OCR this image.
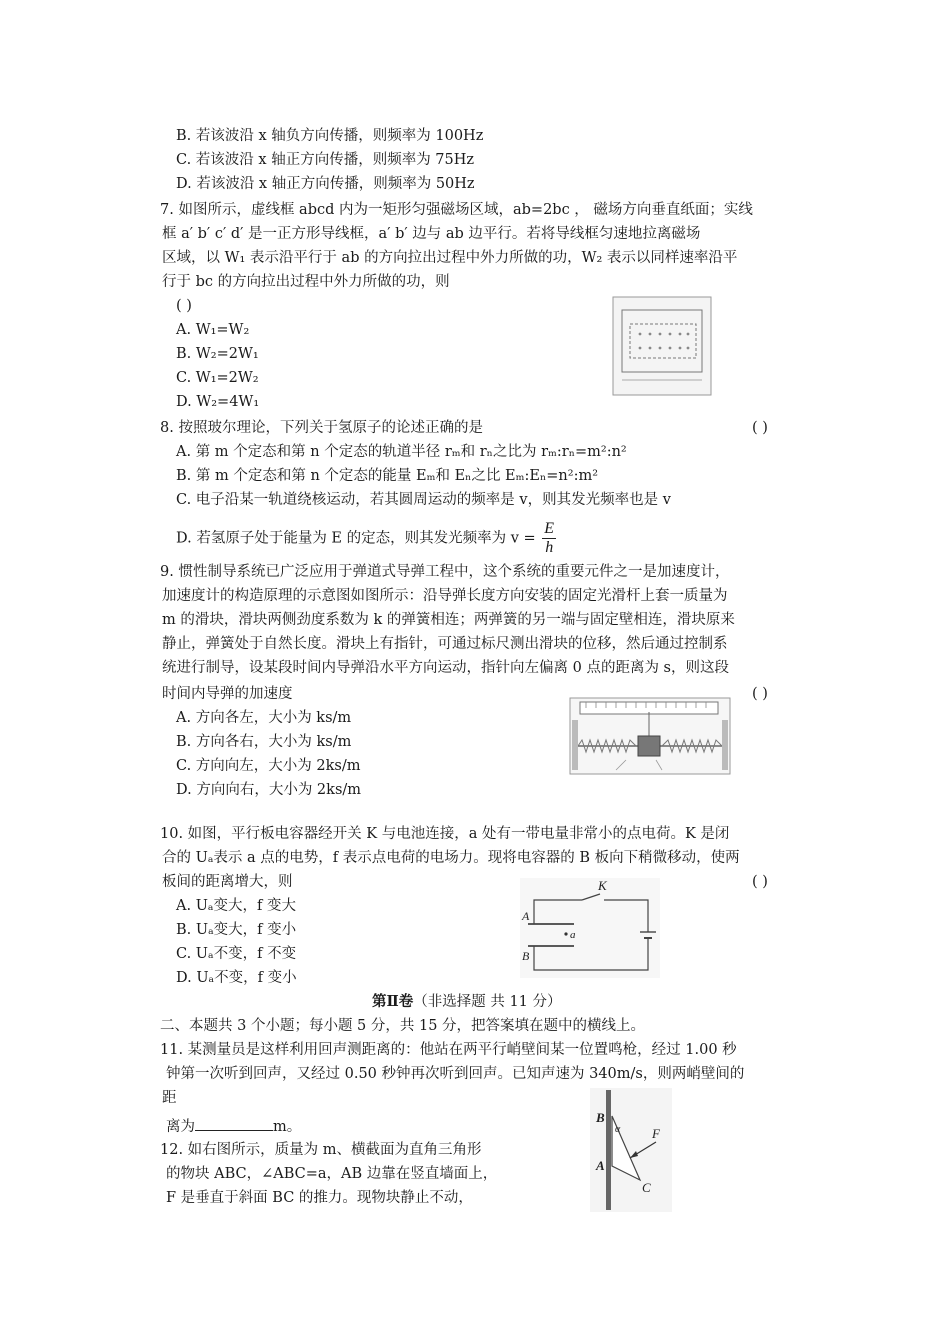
B. 若该波沿 x 轴负方向传播，则频率为 100Hz
C. 若该波沿 x 轴正方向传播，则频率为 75Hz
D. 若该波沿 x 轴正方向传播，则频率为 50Hz
7. 如图所示，虚线框 abcd 内为一矩形匀强磁场区域，ab=2bc ， 磁场方向垂直纸面；实线
框 a′ b′ c′ d′ 是一正方形导线框，a′ b′ 边与 ab 边平行。若将导线框匀速地拉离磁场
区域，以 W₁ 表示沿平行于 ab 的方向拉出过程中外力所做的功，W₂ 表示以同样速率沿平
行于 bc 的方向拉出过程中外力所做的功，则
( )
A. W₁=W₂
B. W₂=2W₁
C. W₁=2W₂
D. W₂=4W₁
8. 按照玻尔理论，下列关于氢原子的论述正确的是	( )
A. 第 m 个定态和第 n 个定态的轨道半径 rₘ和 rₙ之比为 rₘ:rₙ=m²:n²
B. 第 m 个定态和第 n 个定态的能量 Eₘ和 Eₙ之比 Eₘ:Eₙ=n²:m²
C. 电子沿某一轨道绕核运动，若其圆周运动的频率是 v，则其发光频率也是 v
D. 若氢原子处于能量为 E 的定态，则其发光频率为 $v = \frac{E}{h}$
9. 惯性制导系统已广泛应用于弹道式导弹工程中，这个系统的重要元件之一是加速度计，
加速度计的构造原理的示意图如图所示：沿导弹长度方向安装的固定光滑杆上套一质量为
m 的滑块，滑块两侧劲度系数为 k 的弹簧相连；两弹簧的另一端与固定壁相连，滑块原来
静止，弹簧处于自然长度。滑块上有指针，可通过标尺测出滑块的位移，然后通过控制系
统进行制导，设某段时间内导弹沿水平方向运动，指针向左偏离 0 点的距离为 s，则这段
时间内导弹的加速度	( )
A. 方向各左，大小为 ks/m
B. 方向各右，大小为 ks/m
C. 方向向左，大小为 2ks/m
D. 方向向右，大小为 2ks/m
10. 如图，平行板电容器经开关 K 与电池连接，a 处有一带电量非常小的点电荷。K 是闭
合的 Uₐ表示 a 点的电势，f 表示点电荷的电场力。现将电容器的 B 板向下稍微移动，使两
板间的距离增大，则	( )
A. Uₐ变大，f 变大
B. Uₐ变大，f 变小
C. Uₐ不变，f 不变
D. Uₐ不变，f 变小
K
A
B
a
第Ⅱ卷（非选择题 共 11 分）
二、本题共 3 个小题；每小题 5 分，共 15 分，把答案填在题中的横线上。
11. 某测量员是这样利用回声测距离的：他站在两平行峭壁间某一位置鸣枪，经过 1.00 秒
钟第一次听到回声，又经过 0.50 秒钟再次听到回声。已知声速为 340m/s，则两峭壁间的
距
离为	m。
12. 如右图所示，质量为 m、横截面为直角三角形
的物块 ABC，∠ABC=a，AB 边靠在竖直墙面上，
F 是垂直于斜面 BC 的推力。现物块静止不动，
B
A
C
F
α
